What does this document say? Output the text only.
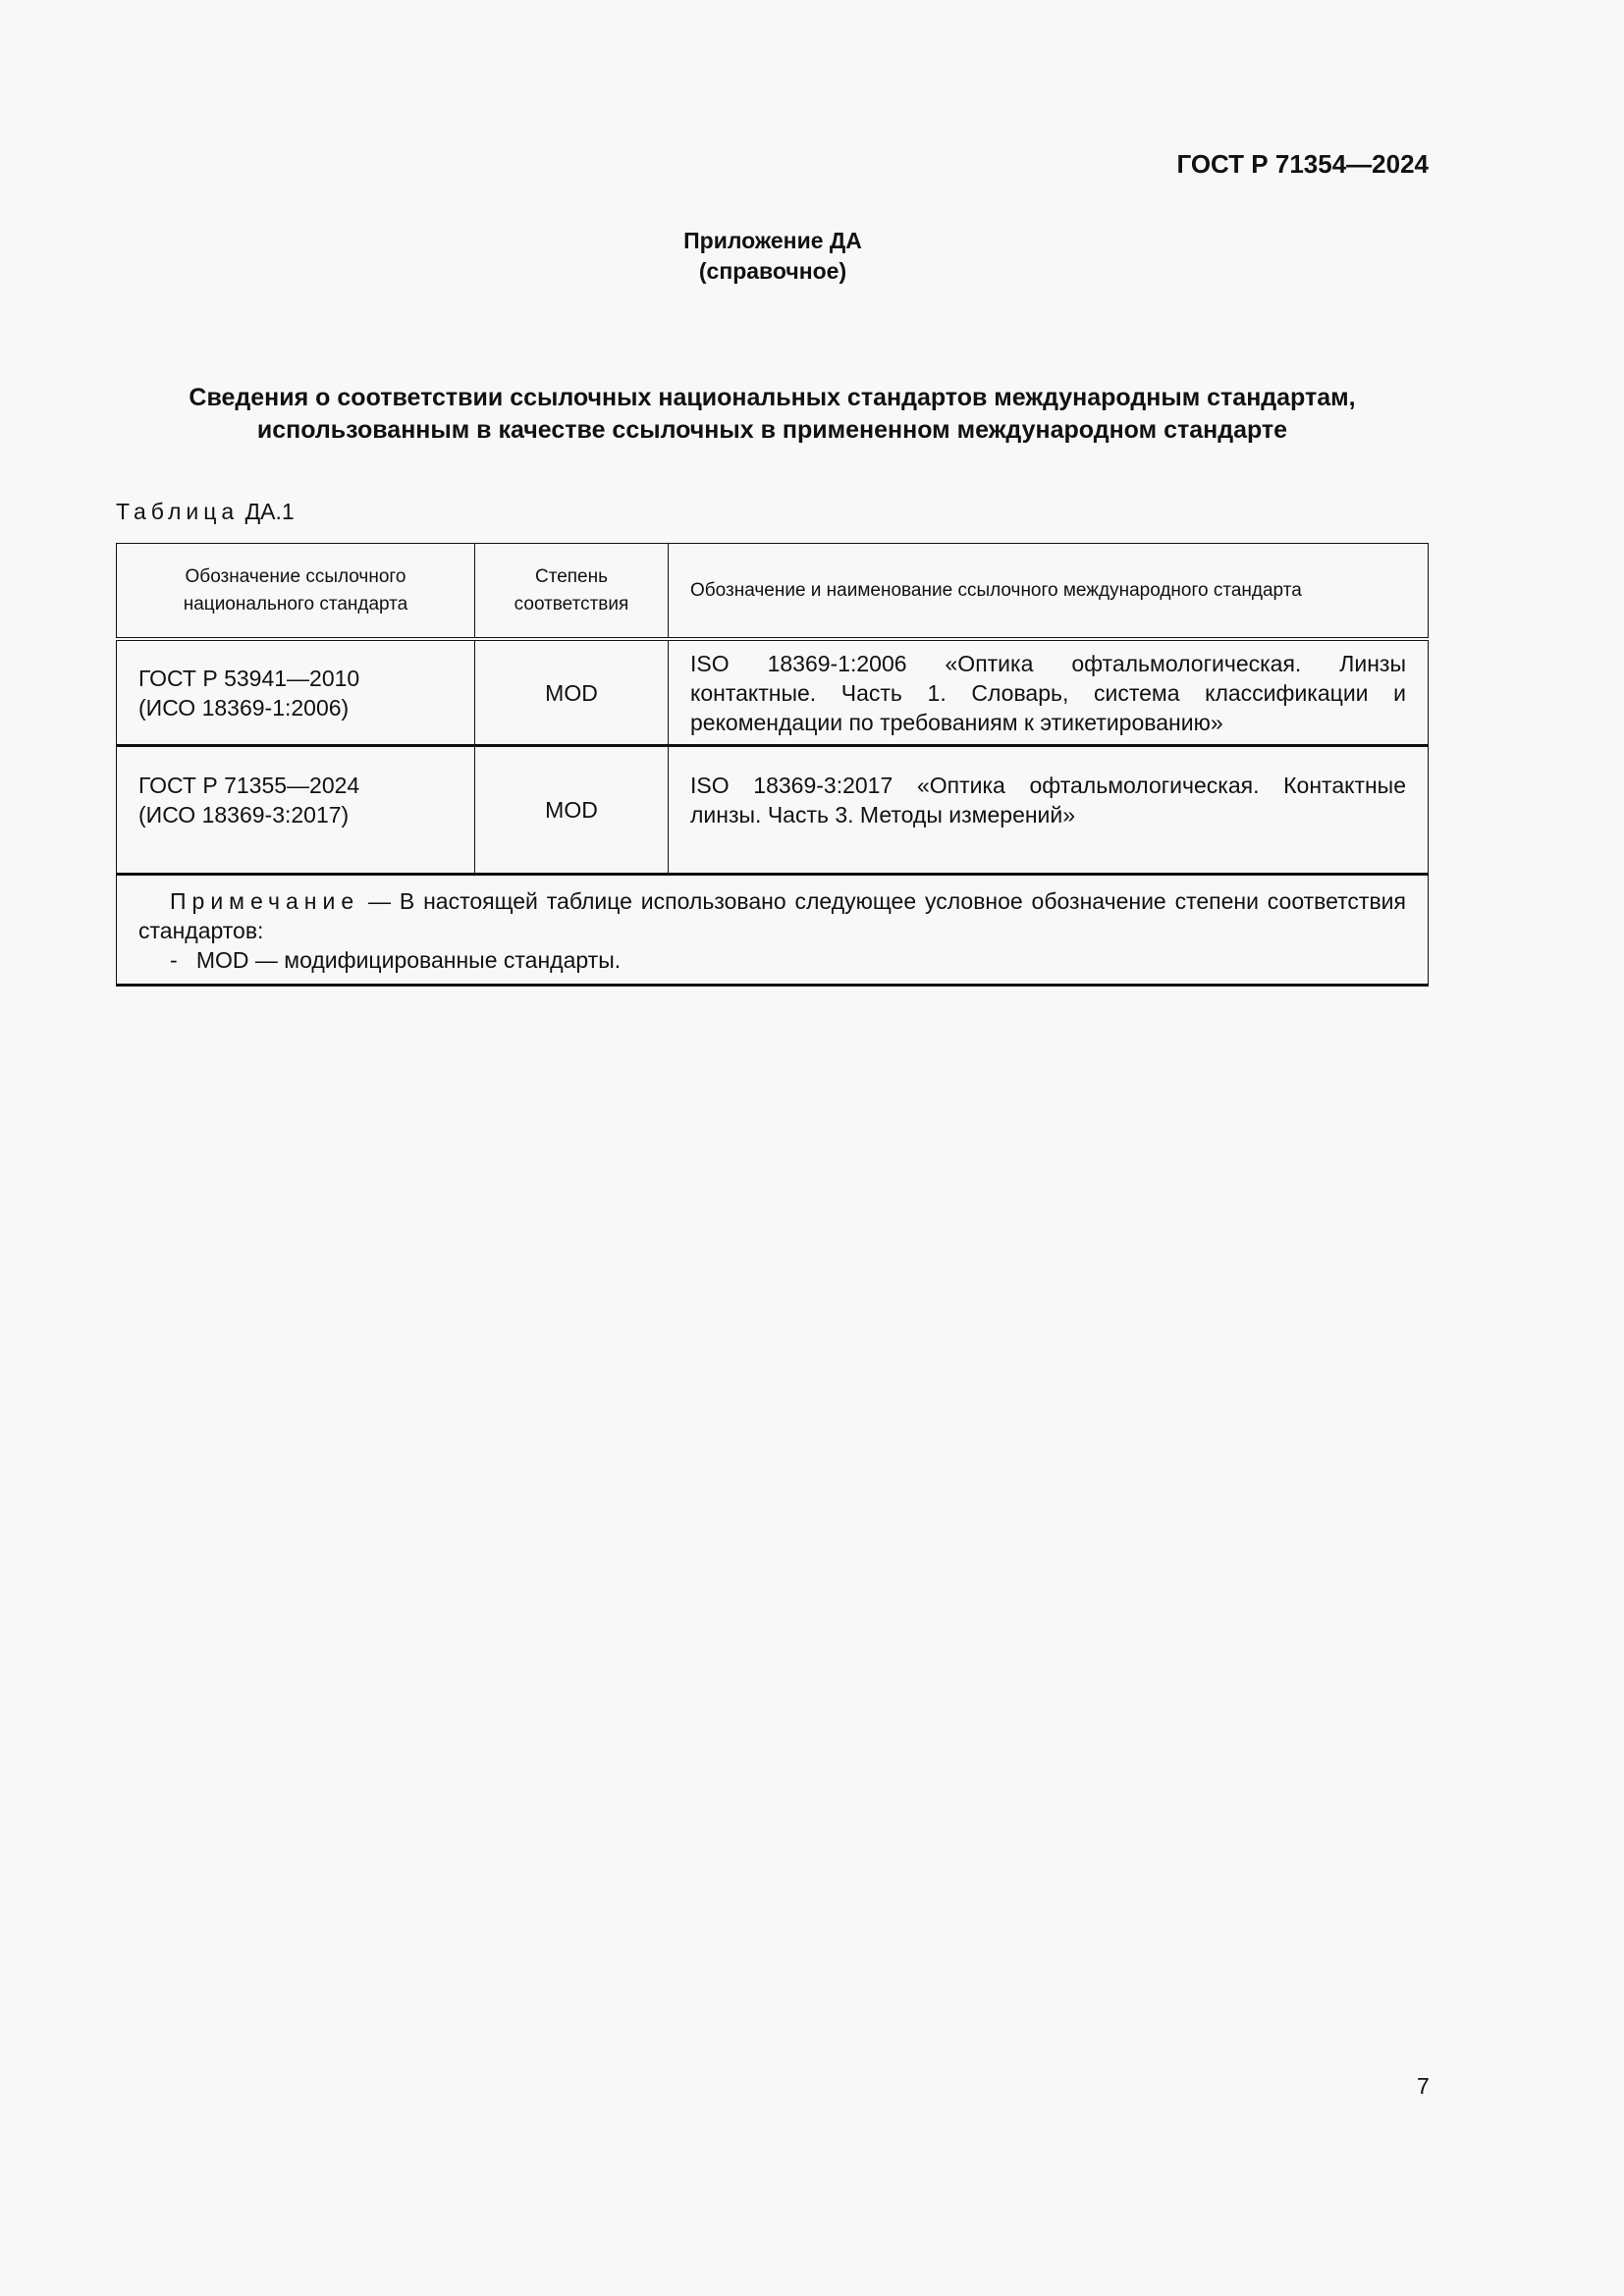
ГОСТ Р 71354—2024
Приложение ДА
(справочное)
Сведения о соответствии ссылочных национальных стандартов международным стандартам,
использованным в качестве ссылочных в примененном международном стандарте
Таблица ДА.1
Обозначение ссылочного национального стандарта	Степень соответствия	Обозначение и наименование ссылочного международного стандарта

ГОСТ Р 53941—2010
(ИСО 18369-1:2006)	MOD	ISO 18369-1:2006 «Оптика офтальмологическая. Линзы контактные. Часть 1. Словарь, система классификации и рекомендации по требованиям к этикетированию»

ГОСТ Р 71355—2024
(ИСО 18369-3:2017)	MOD	ISO 18369-3:2017 «Оптика офтальмологическая. Контактные линзы. Часть 3. Методы измерений»

Примечание — В настоящей таблице использовано следующее условное обозначение степени соответствия стандартов:
- MOD — модифицированные стандарты.		
7
